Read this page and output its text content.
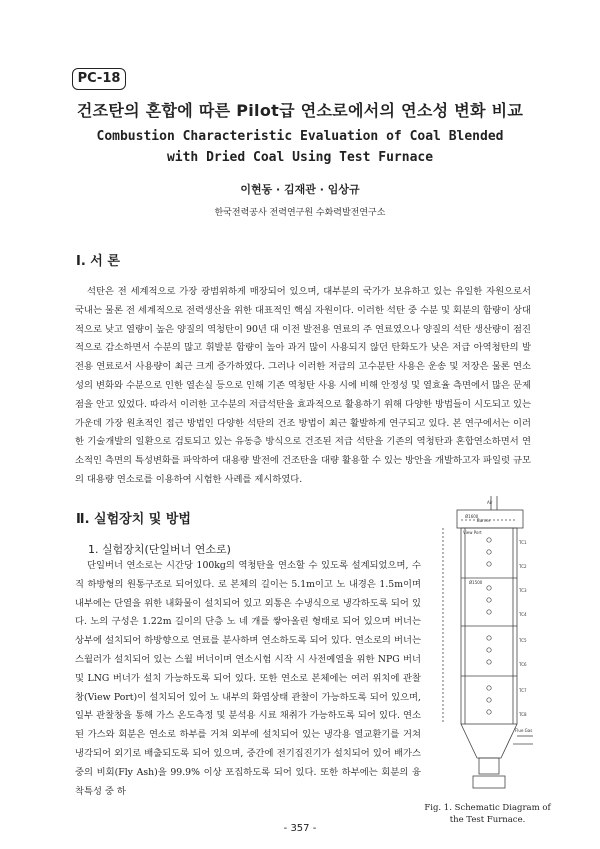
PC-18
건조탄의 혼합에 따른 Pilot급 연소로에서의 연소성 변화 비교
Combustion Characteristic Evaluation of Coal Blended with Dried Coal Using Test Furnace
이현동 · 김재관 · 임상규
한국전력공사 전력연구원 수화력발전연구소
Ⅰ. 서 론

석탄은 전 세계적으로 가장 광범위하게 매장되어 있으며, 대부분의 국가가 보유하고 있는 유일한 자원으로서 국내는 물론 전 세계적으로 전력생산을 위한 대표적인 핵심 자원이다. 이러한 석탄 중 수분 및 회분의 함량이 상대적으로 낮고 열량이 높은 양질의 역청탄이 90년 대 이전 발전용 연료의 주 연료였으나 양질의 석탄 생산량이 점진적으로 감소하면서 수분의 많고 휘발분 함량이 높아 과거 많이 사용되지 않던 탄화도가 낮은 저급 아역청탄의 발전용 연료로서 사용량이 최근 크게 증가하였다. 그러나 이러한 저급의 고수분탄 사용은 운송 및 저장은 물론 연소성의 변화와 수분으로 인한 열손실 등으로 인해 기존 역청탄 사용 시에 비해 안정성 및 열효율 측면에서 많은 문제점을 안고 있었다. 따라서 이러한 고수분의 저급석탄을 효과적으로 활용하기 위해 다양한 방법들이 시도되고 있는 가운데 가장 원초적인 접근 방법인 다양한 석탄의 건조 방법이 최근 활발하게 연구되고 있다. 본 연구에서는 이러한 기술개발의 일환으로 검토되고 있는 유동층 방식으로 건조된 저급 석탄을 기존의 역청탄과 혼합연소하면서 연소적인 측면의 특성변화를 파악하여 대용량 발전에 건조탄을 대량 활용할 수 있는 방안을 개발하고자 파일럿 규모의 대용량 연소로를 이용하여 시험한 사례를 제시하였다.

Ⅱ. 실험장치 및 방법
1. 실험장치(단일버너 연소로)

단일버너 연소로는 시간당 100kg의 역청탄을 연소할 수 있도록 설계되었으며, 수직 하방형의 원통구조로 되어있다. 로 본체의 길이는 5.1m이고 노 내경은 1.5m이며 내부에는 단열을 위한 내화물이 설치되어 있고 외통은 수냉식으로 냉각하도록 되어 있다. 노의 구성은 1.22m 길이의 단층 노 네 개를 쌓아올린 형태로 되어 있으며 버너는 상부에 설치되어 하방향으로 연료를 분사하며 연소하도록 되어 있다. 연소로의 버너는 스월러가 설치되어 있는 스월 버너이며 연소시험 시작 시 사전예열을 위한 NPG 버너 및 LNG 버너가 설치 가능하도록 되어 있다. 또한 연소로 본체에는 여러 위치에 관찰창(View Port)이 설치되어 있어 노 내부의 화염상태 관찰이 가능하도록 되어 있으며, 일부 관찰창을 통해 가스 온도측정 및 분석용 시료 채취가 가능하도록 되어 있다. 연소된 가스와 회분은 연소로 하부를 거쳐 외부에 설치되어 있는 냉각용 열교환기를 거쳐 냉각되어 외기로 배출되도록 되어 있으며, 중간에 전기집진기가 설치되어 있어 배가스 중의 비회(Fly Ash)을 99.9% 이상 포집하도록 되어 있다. 또한 하부에는 회분의 융착특성 중 하

Air
Burner
View Port
Ø1600
Ø1500
Flue Gas
TC1
TC2
TC3
TC4
TC5
TC6
TC7
TC8
Fig. 1. Schematic Diagram of the Test Furnace.
- 357 -
